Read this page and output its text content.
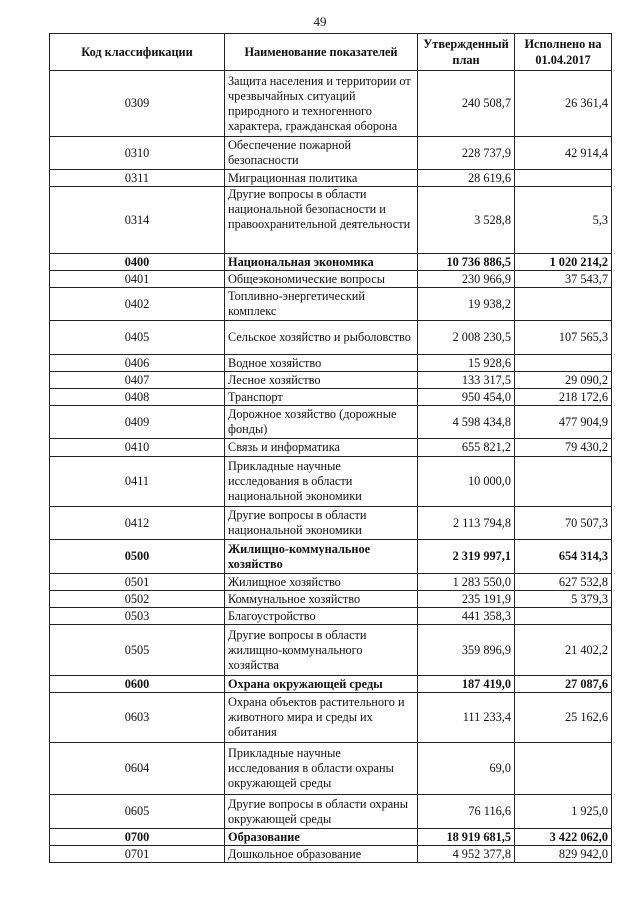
49
Код классификации	Наименование показателей	Утвержденный план	Исполнено на 01.04.2017
0309	Защита населения и территории от чрезвычайных ситуаций природного и техногенного характера, гражданская оборона	240 508,7	26 361,4
0310	Обеспечение пожарной безопасности	228 737,9	42 914,4
0311	Миграционная политика	28 619,6	
0314	Другие вопросы в области национальной безопасности и правоохранительной деятельности	3 528,8	5,3
0400	Национальная экономика	10 736 886,5	1 020 214,2
0401	Общеэкономические вопросы	230 966,9	37 543,7
0402	Топливно-энергетический комплекс	19 938,2	
0405	Сельское хозяйство и рыболовство	2 008 230,5	107 565,3
0406	Водное хозяйство	15 928,6	
0407	Лесное хозяйство	133 317,5	29 090,2
0408	Транспорт	950 454,0	218 172,6
0409	Дорожное хозяйство (дорожные фонды)	4 598 434,8	477 904,9
0410	Связь и информатика	655 821,2	79 430,2
0411	Прикладные научные исследования в области национальной экономики	10 000,0	
0412	Другие вопросы в области национальной экономики	2 113 794,8	70 507,3
0500	Жилищно-коммунальное хозяйство	2 319 997,1	654 314,3
0501	Жилищное хозяйство	1 283 550,0	627 532,8
0502	Коммунальное хозяйство	235 191,9	5 379,3
0503	Благоустройство	441 358,3	
0505	Другие вопросы в области жилищно-коммунального хозяйства	359 896,9	21 402,2
0600	Охрана окружающей среды	187 419,0	27 087,6
0603	Охрана объектов растительного и животного мира и среды их обитания	111 233,4	25 162,6
0604	Прикладные научные исследования в области охраны окружающей среды	69,0	
0605	Другие вопросы в области охраны окружающей среды	76 116,6	1 925,0
0700	Образование	18 919 681,5	3 422 062,0
0701	Дошкольное образование	4 952 377,8	829 942,0
